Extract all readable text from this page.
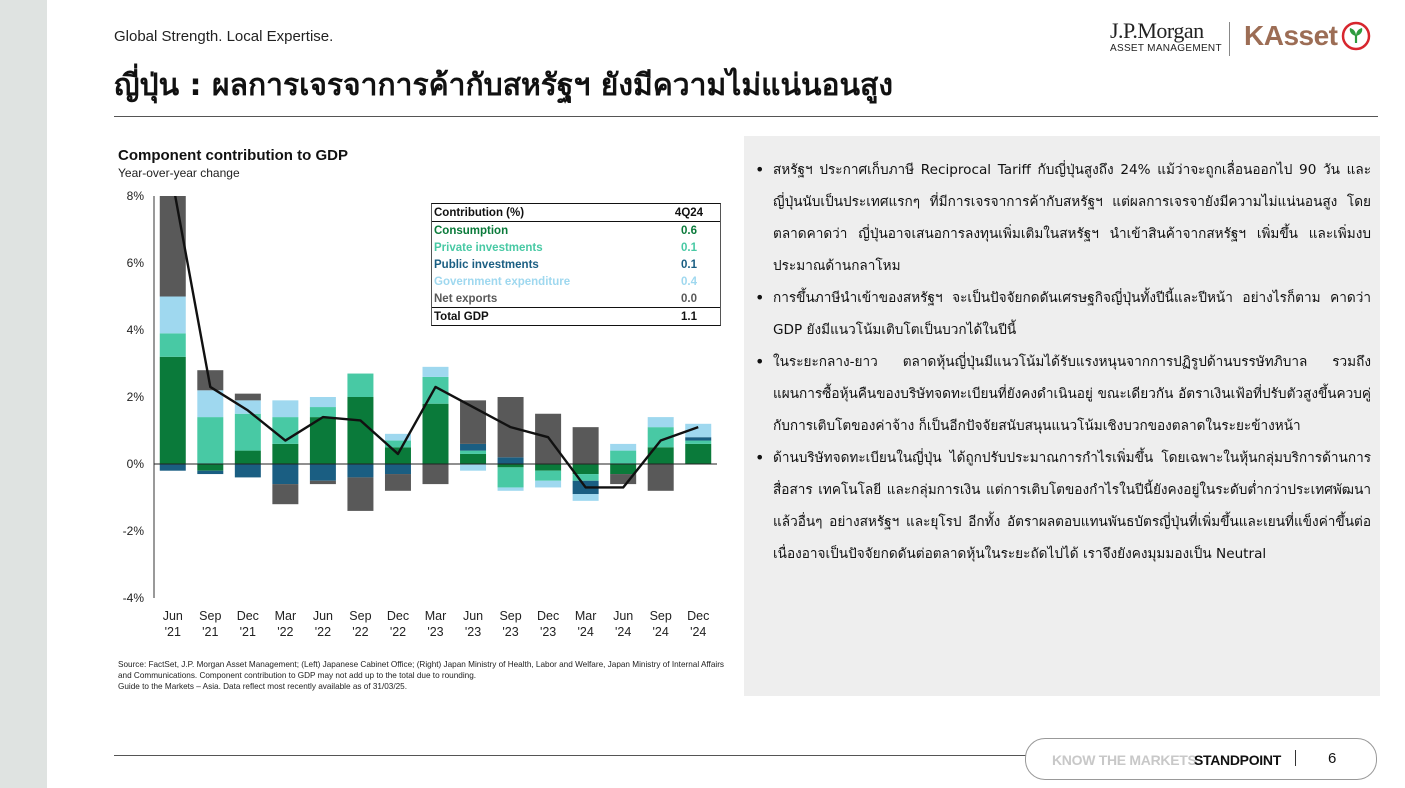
Global Strength. Local Expertise.
ญี่ปุ่น : ผลการเจรจาการค้ากับสหรัฐฯ ยังมีความไม่แน่นอนสูง
J.P.Morgan
ASSET MANAGEMENT KAsset
Component contribution to GDP
Year-over-year change
8%
6%
4%
2%
0%
-2%
-4%
Jun
'21
Sep
'21
Dec
'21
Mar
'22
Jun
'22
Sep
'22
Dec
'22
Mar
'23
Jun
'23
Sep
'23
Dec
'23
Mar
'24
Jun
'24
Sep
'24
Dec
'24
Contribution (%)	4Q24
Consumption	0.6
Private investments	0.1
Public investments	0.1
Government expenditure	0.4
Net exports	0.0
Total GDP	1.1
Source: FactSet, J.P. Morgan Asset Management; (Left) Japanese Cabinet Office; (Right) Japan Ministry of Health, Labor and Welfare, Japan Ministry of Internal Affairs and Communications. Component contribution to GDP may not add up to the total due to rounding.
Guide to the Markets – Asia. Data reflect most recently available as of 31/03/25.
• สหรัฐฯ ประกาศเก็บภาษี Reciprocal Tariff กับญี่ปุ่นสูงถึง 24% แม้ว่าจะถูกเลื่อนออกไป 90 วัน และญี่ปุ่นนับเป็นประเทศแรกๆ ที่มีการเจรจาการค้ากับสหรัฐฯ แต่ผลการเจรจายังมีความไม่แน่นอนสูง โดยตลาดคาดว่า ญี่ปุ่นอาจเสนอการลงทุนเพิ่มเติมในสหรัฐฯ นำเข้าสินค้าจากสหรัฐฯ เพิ่มขึ้น และเพิ่มงบประมาณด้านกลาโหม
• การขึ้นภาษีนำเข้าของสหรัฐฯ จะเป็นปัจจัยกดดันเศรษฐกิจญี่ปุ่นทั้งปีนี้และปีหน้า อย่างไรก็ตาม คาดว่า GDP ยังมีแนวโน้มเติบโตเป็นบวกได้ในปีนี้
• ในระยะกลาง-ยาว ตลาดหุ้นญี่ปุ่นมีแนวโน้มได้รับแรงหนุนจากการปฏิรูปด้านบรรษัทภิบาล รวมถึงแผนการซื้อหุ้นคืนของบริษัทจดทะเบียนที่ยังคงดำเนินอยู่ ขณะเดียวกัน อัตราเงินเฟ้อที่ปรับตัวสูงขึ้นควบคู่กับการเติบโตของค่าจ้าง ก็เป็นอีกปัจจัยสนับสนุนแนวโน้มเชิงบวกของตลาดในระยะข้างหน้า
• ด้านบริษัทจดทะเบียนในญี่ปุ่น ได้ถูกปรับประมาณการกำไรเพิ่มขึ้น โดยเฉพาะในหุ้นกลุ่มบริการด้านการสื่อสาร เทคโนโลยี และกลุ่มการเงิน แต่การเติบโตของกำไรในปีนี้ยังคงอยู่ในระดับต่ำกว่าประเทศพัฒนาแล้วอื่นๆ อย่างสหรัฐฯ และยุโรป อีกทั้ง อัตราผลตอบแทนพันธบัตรญี่ปุ่นที่เพิ่มขึ้นและเยนที่แข็งค่าขึ้นต่อเนื่องอาจเป็นปัจจัยกดดันต่อตลาดหุ้นในระยะถัดไปได้ เราจึงยังคงมุมมองเป็น Neutral
KNOW THE MARKETS
STANDPOINT	6
